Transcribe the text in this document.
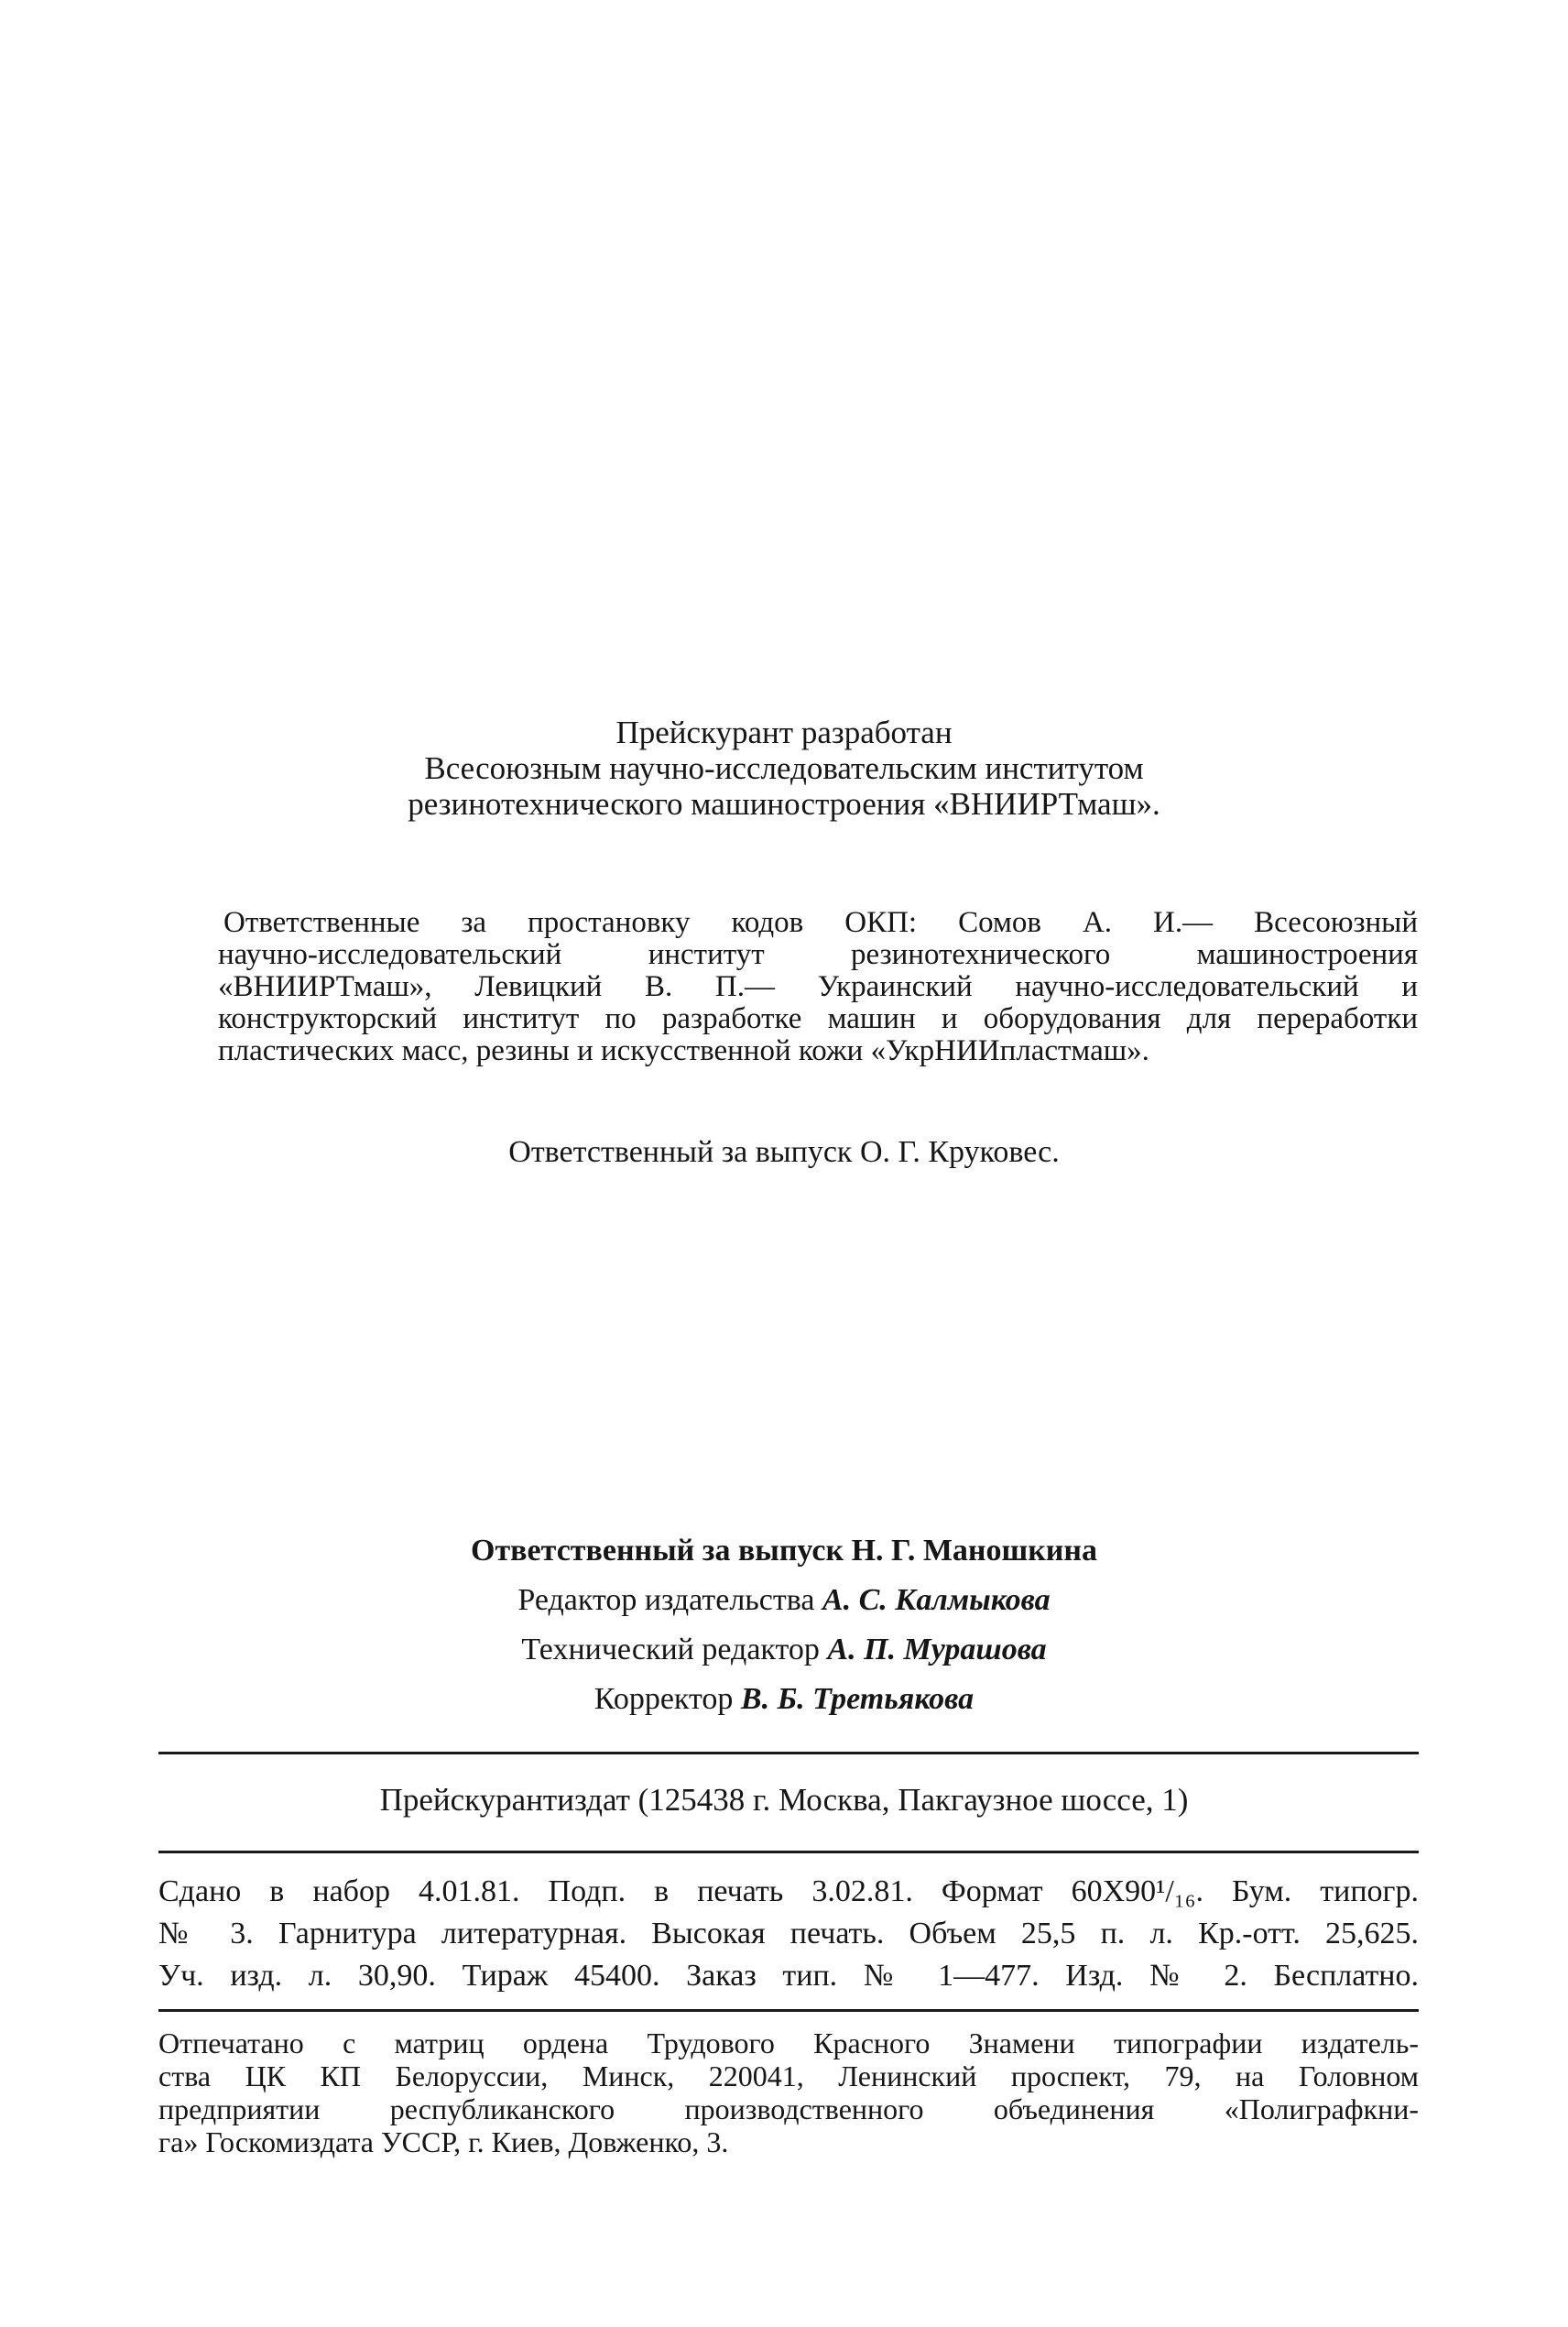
Прейскурант разработан
Всесоюзным научно-исследовательским институтом
резинотехнического машиностроения «ВНИИРТмаш».
Ответственные за простановку кодов ОКП: Сомов А. И.— Всесоюзный
научно-исследовательский институт резинотехнического машиностроения
«ВНИИРТмаш», Левицкий В. П.— Украинский научно-исследовательский и
конструкторский институт по разработке машин и оборудования для переработки
пластических масс, резины и искусственной кожи «УкрНИИпластмаш».
Ответственный за выпуск О. Г. Круковес.
Ответственный за выпуск Н. Г. Маношкина
Редактор издательства А. С. Калмыкова
Технический редактор А. П. Мурашова
Корректор В. Б. Третьякова
Прейскурантиздат (125438 г. Москва, Пакгаузное шоссе, 1)
Сдано в набор 4.01.81. Подп. в печать 3.02.81. Формат 60X90¹/₁₆. Бум. типогр.
№ 3. Гарнитура литературная. Высокая печать. Объем 25,5 п. л. Кр.-отт. 25,625.
Уч. изд. л. 30,90. Тираж 45400. Заказ тип. № 1—477. Изд. № 2. Бесплатно.
Отпечатано с матриц ордена Трудового Красного Знамени типографии издатель-
ства ЦК КП Белоруссии, Минск, 220041, Ленинский проспект, 79, на Головном
предприятии республиканского производственного объединения «Полиграфкни-
га» Госкомиздата УССР, г. Киев, Довженко, 3.
